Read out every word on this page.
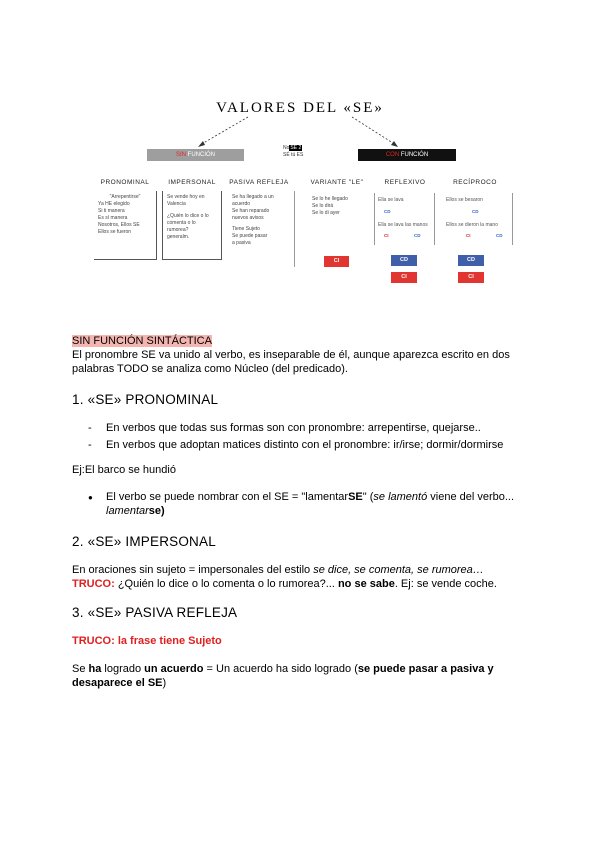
VALORES DEL «SE»
SIN FUNCIÓN	CON FUNCIÓN
NoSÉ 2
SÉ tú ES
PRONOMINAL	IMPERSONAL	PASIVA REFLEJA	VARIANTE "LE"	REFLEXIVO	RECÍPROCO
"Arrepentirse"
Ya HE elegido
Si ti manera
Es sí manera
Nosotros, Ellos SE
Ellos se fueron
Se vende hoy en
Valencia
¿Quién lo dice o lo
comenta o lo rumorea?
generalm.
Se ha llegado a un
acuerdo
Se han reparado
nuevos avisos
Tiene Sujeto
Se puede pasar
a pasiva
Se lo he llegado
Se lo dirá
Se lo di ayer
Ella se lava
CD
Ella se lava las manos
CI	CD
Ellos se besaron
CD
Ellos se dieron la mano
CI	CD
CI	CD
CI
CD
CI
SIN FUNCIÓN SINTÁCTICA
El pronombre SE va unido al verbo, es inseparable de él, aunque aparezca escrito en dos palabras TODO se analiza como Núcleo (del predicado).
1. «SE» PRONOMINAL
- En verbos que todas sus formas son con pronombre: arrepentirse, quejarse..
- En verbos que adoptan matices distinto con el pronombre: ir/irse; dormir/dormirse
Ej:El barco se hundió
● El verbo se puede nombrar con el SE = "lamentarSE" (se lamentó viene del verbo... lamentarse)
2. «SE» IMPERSONAL
En oraciones sin sujeto = impersonales del estilo se dice, se comenta, se rumorea…
TRUCO: ¿Quién lo dice o lo comenta o lo rumorea?... no se sabe. Ej: se vende coche.
3. «SE» PASIVA REFLEJA
TRUCO: la frase tiene Sujeto
Se ha logrado un acuerdo = Un acuerdo ha sido logrado (se puede pasar a pasiva y desaparece el SE)
